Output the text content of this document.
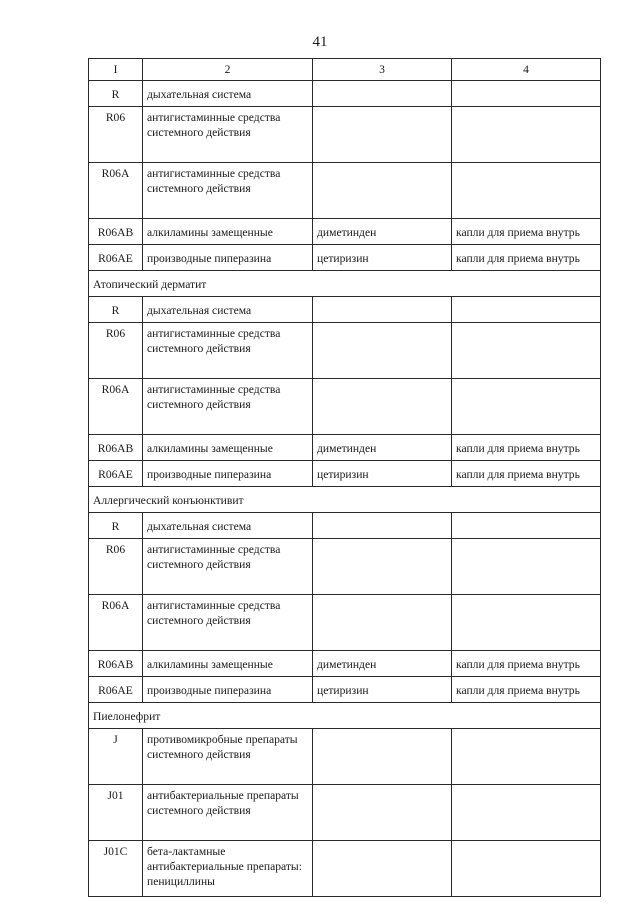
41
I	2	3	4
R	дыхательная система		
R06	антигистаминные средства системного действия		
R06A	антигистаминные средства системного действия		
R06AB	алкиламины замещенные	диметинден	капли для приема внутрь
R06AE	производные пиперазина	цетиризин	капли для приема внутрь
Атопический дерматит			
R	дыхательная система		
R06	антигистаминные средства системного действия		
R06A	антигистаминные средства системного действия		
R06AB	алкиламины замещенные	диметинден	капли для приема внутрь
R06AE	производные пиперазина	цетиризин	капли для приема внутрь
Аллергический конъюнктивит			
R	дыхательная система		
R06	антигистаминные средства системного действия		
R06A	антигистаминные средства системного действия		
R06AB	алкиламины замещенные	диметинден	капли для приема внутрь
R06AE	производные пиперазина	цетиризин	капли для приема внутрь
Пиелонефрит			
J	противомикробные препараты системного действия		
J01	антибактериальные препараты системного действия		
J01C	бета-лактамные антибактериальные препараты: пенициллины		
